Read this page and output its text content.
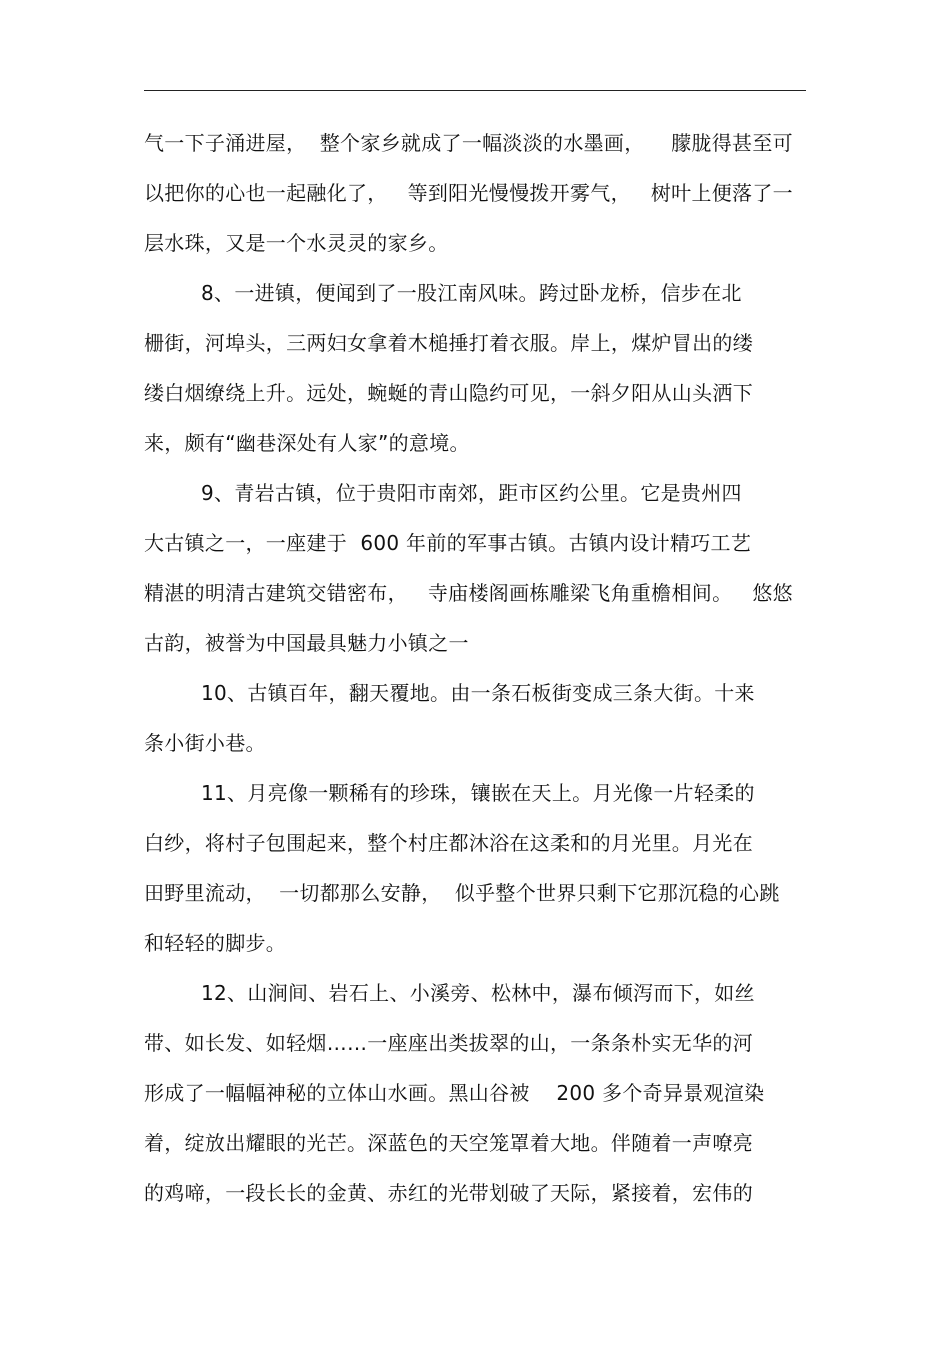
气一下子涌进屋，  整个家乡就成了一幅淡淡的水墨画，    朦胧得甚至可
以把你的心也一起融化了，   等到阳光慢慢拨开雾气，   树叶上便落了一
层水珠，又是一个水灵灵的家乡。
8、一进镇，便闻到了一股江南风味。跨过卧龙桥，信步在北
栅街，河埠头，三两妇女拿着木槌捶打着衣服。岸上，煤炉冒出的缕
缕白烟缭绕上升。远处，蜿蜒的青山隐约可见，一斜夕阳从山头洒下
来，颇有“幽巷深处有人家”的意境。
9、青岩古镇，位于贵阳市南郊，距市区约公里。它是贵州四
大古镇之一，一座建于  600 年前的军事古镇。古镇内设计精巧工艺
精湛的明清古建筑交错密布，   寺庙楼阁画栋雕梁飞角重檐相间。   悠悠
古韵，被誉为中国最具魅力小镇之一
10、古镇百年，翻天覆地。由一条石板街变成三条大街。十来
条小街小巷。
11、月亮像一颗稀有的珍珠，镶嵌在天上。月光像一片轻柔的
白纱，将村子包围起来，整个村庄都沐浴在这柔和的月光里。月光在
田野里流动，  一切都那么安静，  似乎整个世界只剩下它那沉稳的心跳
和轻轻的脚步。
12、山涧间、岩石上、小溪旁、松林中，瀑布倾泻而下，如丝
带、如长发、如轻烟……一座座出类拔翠的山，一条条朴实无华的河
形成了一幅幅神秘的立体山水画。黑山谷被    200 多个奇异景观渲染
着，绽放出耀眼的光芒。深蓝色的天空笼罩着大地。伴随着一声嘹亮
的鸡啼，一段长长的金黄、赤红的光带划破了天际，紧接着，宏伟的
